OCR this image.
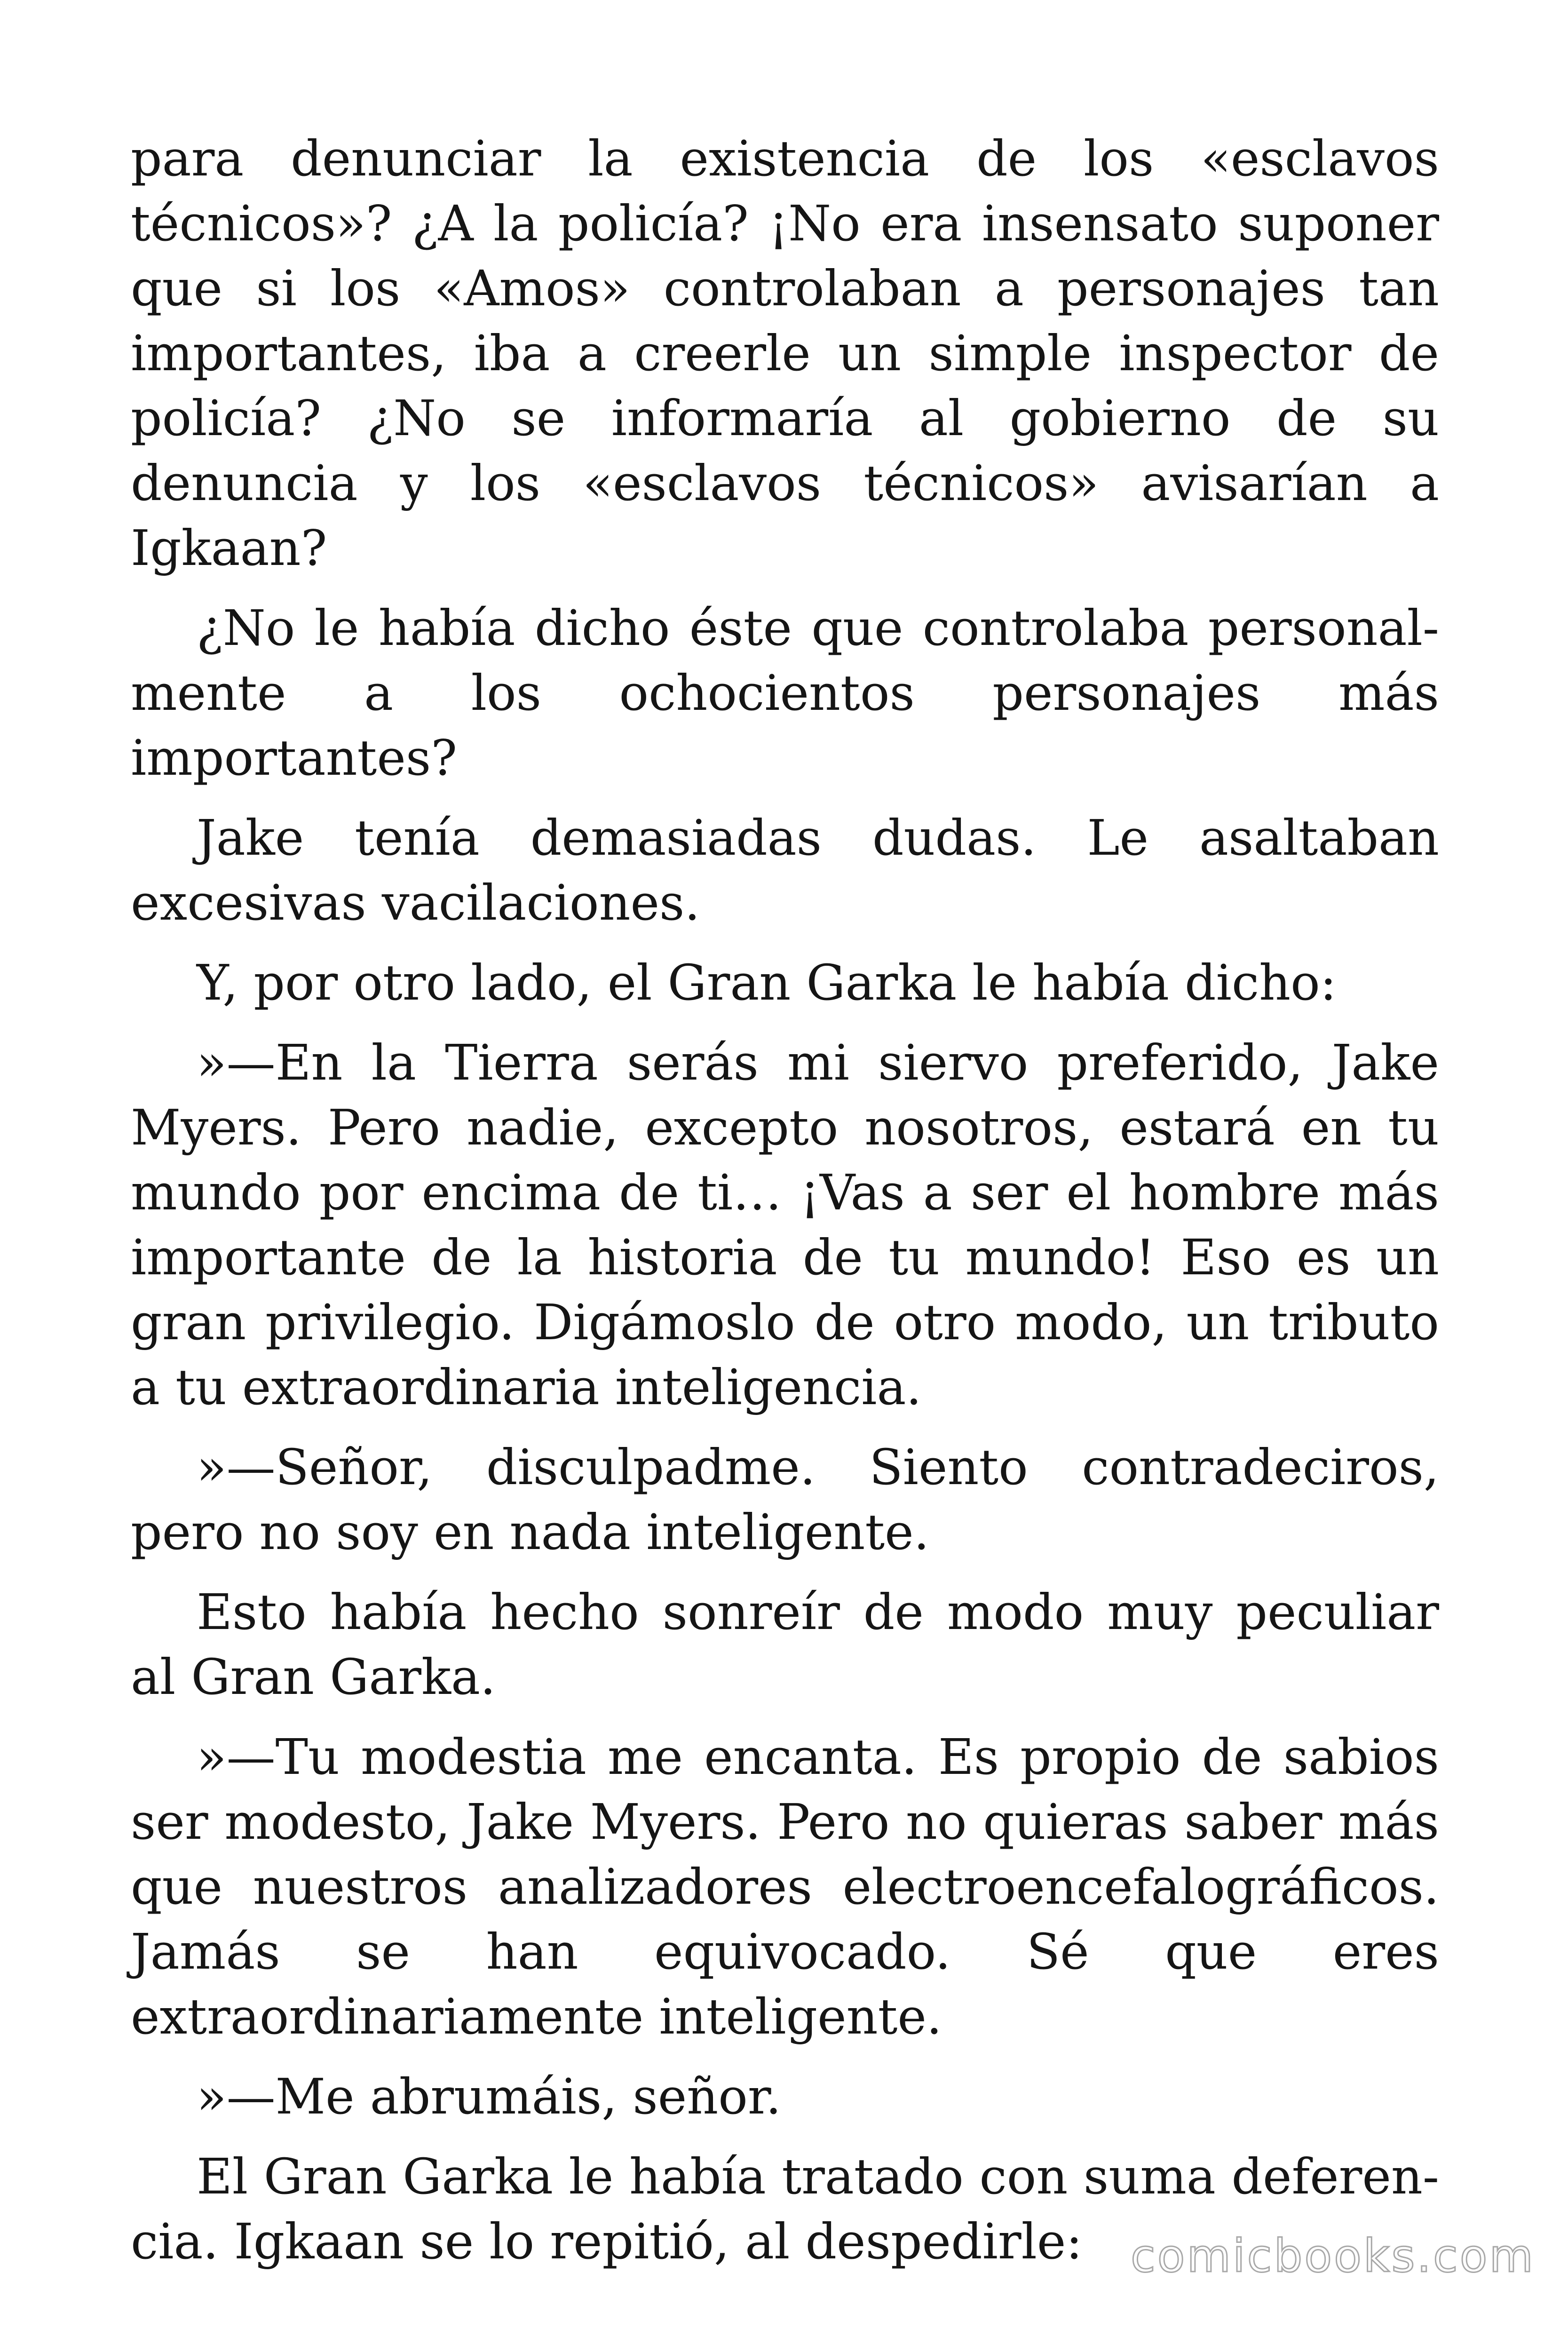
para denunciar la existencia de los «esclavos técnicos»? ¿A la policía? ¡No era insensato suponer que si los «Amos» controlaban a personajes tan importantes, iba a creerle un simple inspector de policía? ¿No se informaría al gobierno de su denuncia y los «esclavos técnicos» avisarían a Igkaan?

¿No le había dicho éste que controlaba personalmente a los ochocientos personajes más importantes?

Jake tenía demasiadas dudas. Le asaltaban excesivas vacilaciones.

Y, por otro lado, el Gran Garka le había dicho:

»—En la Tierra serás mi siervo preferido, Jake Myers. Pero nadie, excepto nosotros, estará en tu mundo por encima de ti… ¡Vas a ser el hombre más importante de la historia de tu mundo! Eso es un gran privilegio. Digámoslo de otro modo, un tributo a tu extraordinaria inteligencia.

»—Señor, disculpadme. Siento contradeciros, pero no soy en nada inteligente.

Esto había hecho sonreír de modo muy peculiar al Gran Garka.

»—Tu modestia me encanta. Es propio de sabios ser modesto, Jake Myers. Pero no quieras saber más que nuestros analizadores electroencefalográficos. Jamás se han equivocado. Sé que eres extraordinariamente inteligente.

»—Me abrumáis, señor.

El Gran Garka le había tratado con suma deferencia. Igkaan se lo repitió, al despedirle:	comicbooks.com
